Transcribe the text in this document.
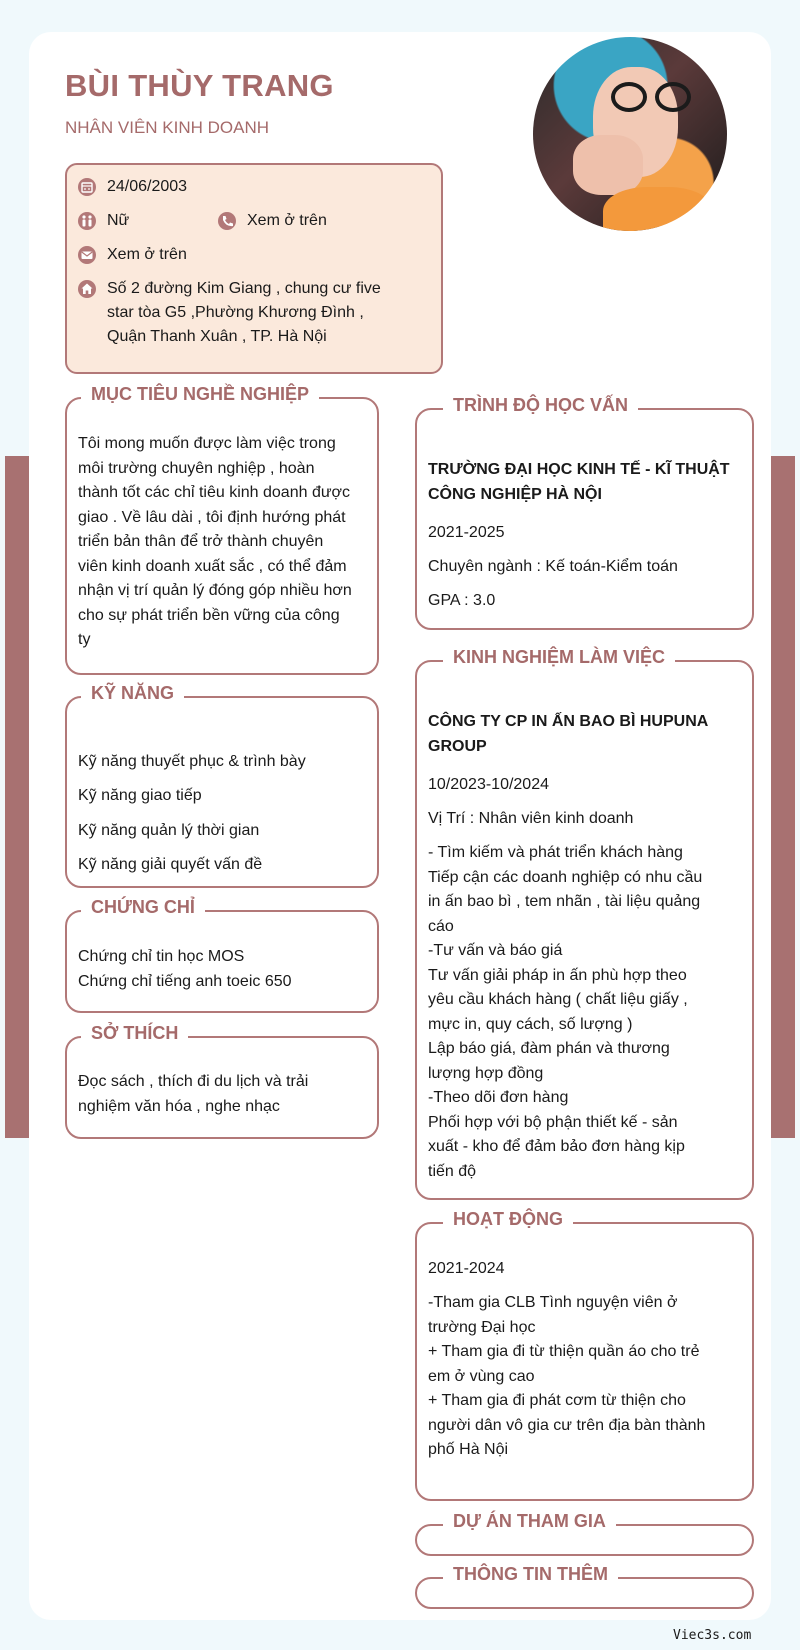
BÙI THÙY TRANG
NHÂN VIÊN KINH DOANH
24/06/2003
Nữ	Xem ở trên
Xem ở trên
Số 2 đường Kim Giang , chung cư five
star tòa G5 ,Phường Khương Đình ,
Quận Thanh Xuân , TP. Hà Nội
MỤC TIÊU NGHỀ NGHIỆP
Tôi mong muốn được làm việc trong
môi trường chuyên nghiệp , hoàn
thành tốt các chỉ tiêu kinh doanh được
giao . Về lâu dài , tôi định hướng phát
triển bản thân để trở thành chuyên
viên kinh doanh xuất sắc , có thể đảm
nhận vị trí quản lý đóng góp nhiều hơn
cho sự phát triển bền vững của công
ty
KỸ NĂNG
Kỹ năng thuyết phục & trình bày
Kỹ năng giao tiếp
Kỹ năng quản lý thời gian
Kỹ năng giải quyết vấn đề
CHỨNG CHỈ
Chứng chỉ tin học MOS
Chứng chỉ tiếng anh toeic 650
SỞ THÍCH
Đọc sách , thích đi du lịch và trải
nghiệm văn hóa , nghe nhạc
TRÌNH ĐỘ HỌC VẤN
TRƯỜNG ĐẠI HỌC KINH TẾ - KĨ THUẬT
CÔNG NGHIỆP HÀ NỘI
2021-2025
Chuyên ngành : Kế toán-Kiểm toán
GPA : 3.0
KINH NGHIỆM LÀM VIỆC
CÔNG TY CP IN ẤN BAO BÌ HUPUNA
GROUP
10/2023-10/2024
Vị Trí : Nhân viên kinh doanh
- Tìm kiếm và phát triển khách hàng
Tiếp cận các doanh nghiệp có nhu cầu
in ấn bao bì , tem nhãn , tài liệu quảng
cáo
-Tư vấn và báo giá
Tư vấn giải pháp in ấn phù hợp theo
yêu cầu khách hàng ( chất liệu giấy ,
mực in, quy cách, số lượng )
Lập báo giá, đàm phán và thương
lượng hợp đồng
-Theo dõi đơn hàng
Phối hợp với bộ phận thiết kế - sản
xuất - kho để đảm bảo đơn hàng kịp
tiến độ
HOẠT ĐỘNG
2021-2024
-Tham gia CLB Tình nguyện viên ở
trường Đại học
+ Tham gia đi từ thiện quần áo cho trẻ
em ở vùng cao
+ Tham gia đi phát cơm từ thiện cho
người dân vô gia cư trên địa bàn thành
phố Hà Nội
DỰ ÁN THAM GIA
THÔNG TIN THÊM
Viec3s.com
